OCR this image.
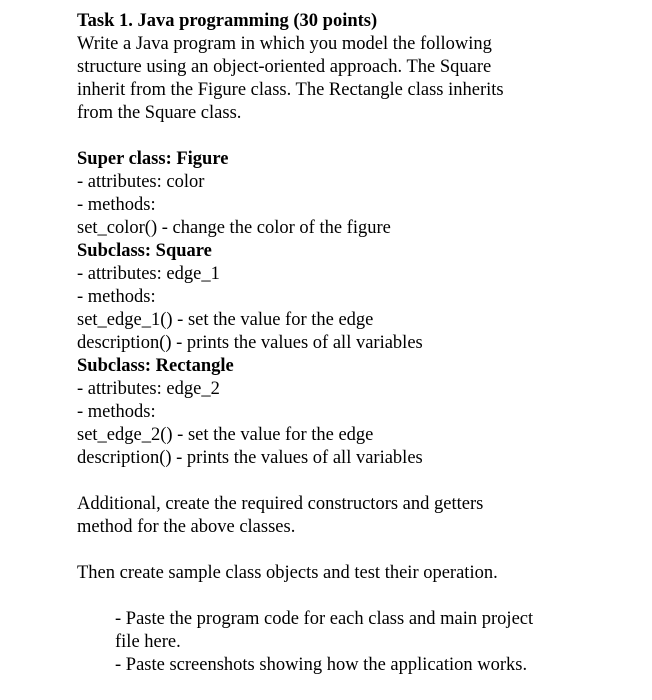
Task 1. Java programming (30 points)
Write a Java program in which you model the following
structure using an object-oriented approach. The Square
inherit from the Figure class. The Rectangle class inherits
from the Square class.
Super class: Figure
- attributes: color
- methods:
set_color() - change the color of the figure
Subclass: Square
- attributes: edge_1
- methods:
set_edge_1() - set the value for the edge
description() - prints the values of all variables
Subclass: Rectangle
- attributes: edge_2
- methods:
set_edge_2() - set the value for the edge
description() - prints the values of all variables
Additional, create the required constructors and getters
method for the above classes.
Then create sample class objects and test their operation.
- Paste the program code for each class and main project
file here.
- Paste screenshots showing how the application works.
